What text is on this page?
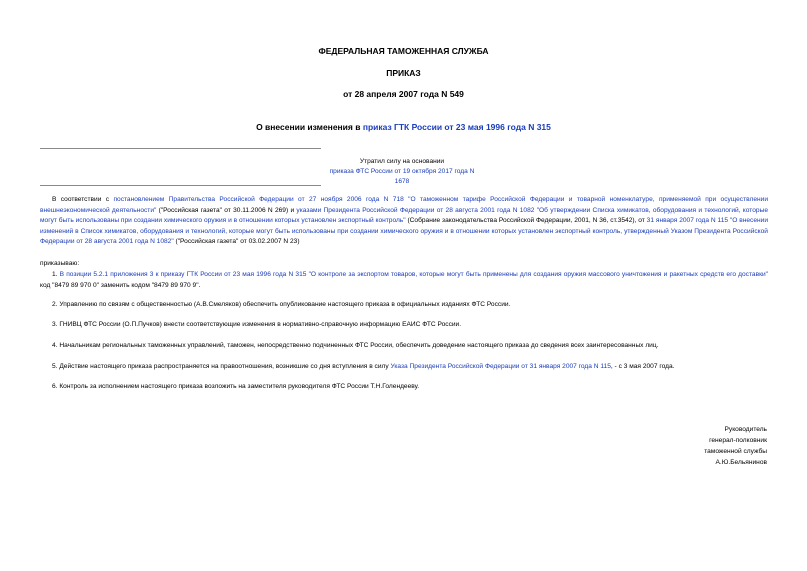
ФЕДЕРАЛЬНАЯ ТАМОЖЕННАЯ СЛУЖБА
ПРИКАЗ
от 28 апреля 2007 года N 549
О внесении изменения в приказ ГТК России от 23 мая 1996 года N 315
Утратил силу на основании
приказа ФТС России от 19 октября 2017 года N 1678
В соответствии с постановлением Правительства Российской Федерации от 27 ноября 2006 года N 718 "О таможенном тарифе Российской Федерации и товарной номенклатуре, применяемой при осуществлении внешнеэкономической деятельности" ("Российская газета" от 30.11.2006 N 269) и указами Президента Российской Федерации от 28 августа 2001 года N 1082 "Об утверждении Списка химикатов, оборудования и технологий, которые могут быть использованы при создании химического оружия и в отношении которых установлен экспортный контроль" (Собрание законодательства Российской Федерации, 2001, N 36, ст.3542), от 31 января 2007 года N 115 "О внесении изменений в Список химикатов, оборудования и технологий, которые могут быть использованы при создании химического оружия и в отношении которых установлен экспортный контроль, утвержденный Указом Президента Российской Федерации от 28 августа 2001 года N 1082" ("Российская газета" от 03.02.2007 N 23)
приказываю:
1. В позиции 5.2.1 приложения 3 к приказу ГТК России от 23 мая 1996 года N 315 "О контроле за экспортом товаров, которые могут быть применены для создания оружия массового уничтожения и ракетных средств его доставки" код "8479 89 970 0" заменить кодом "8479 89 970 9".
2. Управлению по связям с общественностью (А.В.Смеляков) обеспечить опубликование настоящего приказа в официальных изданиях ФТС России.
3. ГНИВЦ ФТС России (О.П.Пучков) внести соответствующие изменения в нормативно-справочную информацию ЕАИС ФТС России.
4. Начальникам региональных таможенных управлений, таможен, непосредственно подчиненных ФТС России, обеспечить доведение настоящего приказа до сведения всех заинтересованных лиц.
5. Действие настоящего приказа распространяется на правоотношения, возникшие со дня вступления в силу Указа Президента Российской Федерации от 31 января 2007 года N 115, - с 3 мая 2007 года.
6. Контроль за исполнением настоящего приказа возложить на заместителя руководителя ФТС России Т.Н.Голендееву.
Руководитель
генерал-полковник
таможенной службы
А.Ю.Бельянинов
